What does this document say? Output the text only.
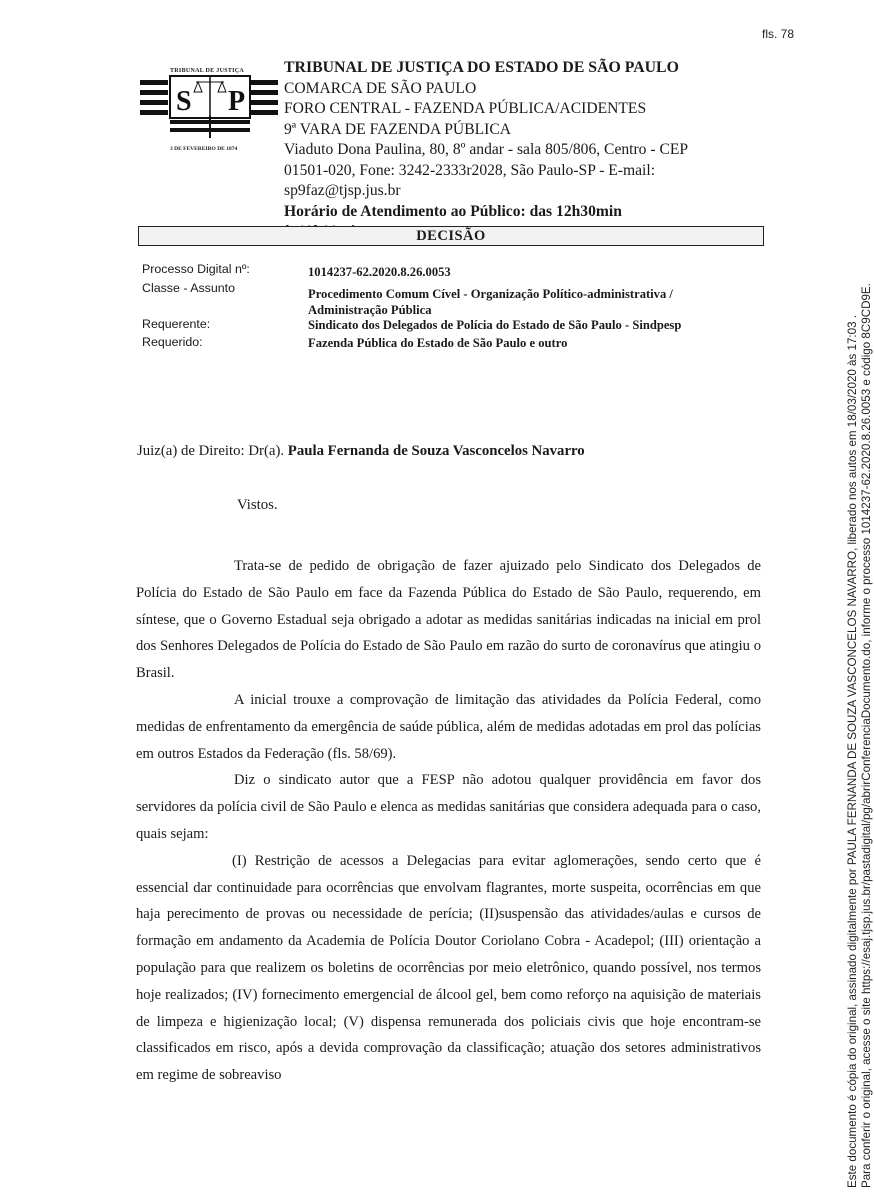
fls. 78
TRIBUNAL DE JUSTIÇA
S P
3 DE FEVEREIRO DE 1874
TRIBUNAL DE JUSTIÇA DO ESTADO DE SÃO PAULO
COMARCA DE SÃO PAULO
FORO CENTRAL - FAZENDA PÚBLICA/ACIDENTES
9ª VARA DE FAZENDA PÚBLICA
Viaduto Dona Paulina, 80, 8º andar - sala 805/806, Centro - CEP
01501-020, Fone: 3242-2333r2028, São Paulo-SP - E-mail:
sp9faz@tjsp.jus.br
Horário de Atendimento ao Público: das 12h30min
DECISÃO
Processo Digital nº:	1014237-62.2020.8.26.0053
Classe - Assunto	Procedimento Comum Cível - Organização Político-administrativa / Administração Pública
Requerente:	Sindicato dos Delegados de Polícia do Estado de São Paulo - Sindpesp
Requerido:	Fazenda Pública do Estado de São Paulo e outro
Juiz(a) de Direito: Dr(a). Paula Fernanda de Souza Vasconcelos Navarro
Vistos.

Trata-se de pedido de obrigação de fazer ajuizado pelo Sindicato dos Delegados de Polícia do Estado de São Paulo em face da Fazenda Pública do Estado de São Paulo, requerendo, em síntese, que o Governo Estadual seja obrigado a adotar as medidas sanitárias indicadas na inicial em prol dos Senhores Delegados de Polícia do Estado de São Paulo em razão do surto de coronavírus que atingiu o Brasil.

A inicial trouxe a comprovação de limitação das atividades da Polícia Federal, como medidas de enfrentamento da emergência de saúde pública, além de medidas adotadas em prol das polícias em outros Estados da Federação (fls. 58/69).

Diz o sindicato autor que a FESP não adotou qualquer providência em favor dos servidores da polícia civil de São Paulo e elenca as medidas sanitárias que considera adequada para o caso, quais sejam:

(I) Restrição de acessos a Delegacias para evitar aglomerações, sendo certo que é essencial dar continuidade para ocorrências que envolvam flagrantes, morte suspeita, ocorrências em que haja perecimento de provas ou necessidade de perícia; (II)suspensão das atividades/aulas e cursos de formação em andamento da Academia de Polícia Doutor Coriolano Cobra - Acadepol; (III) orientação a população para que realizem os boletins de ocorrências por meio eletrônico, quando possível, nos termos hoje realizados; (IV) fornecimento emergencial de álcool gel, bem como reforço na aquisição de materiais de limpeza e higienização local; (V) dispensa remunerada dos policiais civis que hoje encontram-se classificados em risco, após a devida comprovação da classificação; atuação dos setores administrativos em regime de sobreaviso	Este documento é cópia do original, assinado digitalmente por PAULA FERNANDA DE SOUZA VASCONCELOS NAVARRO, liberado nos autos em 18/03/2020 às 17:03 . Para conferir o original, acesse o site https://esaj.tjsp.jus.br/pastadigital/pg/abrirConferenciaDocumento.do, informe o processo 1014237-62.2020.8.26.0053 e código 8C9CD9E.
